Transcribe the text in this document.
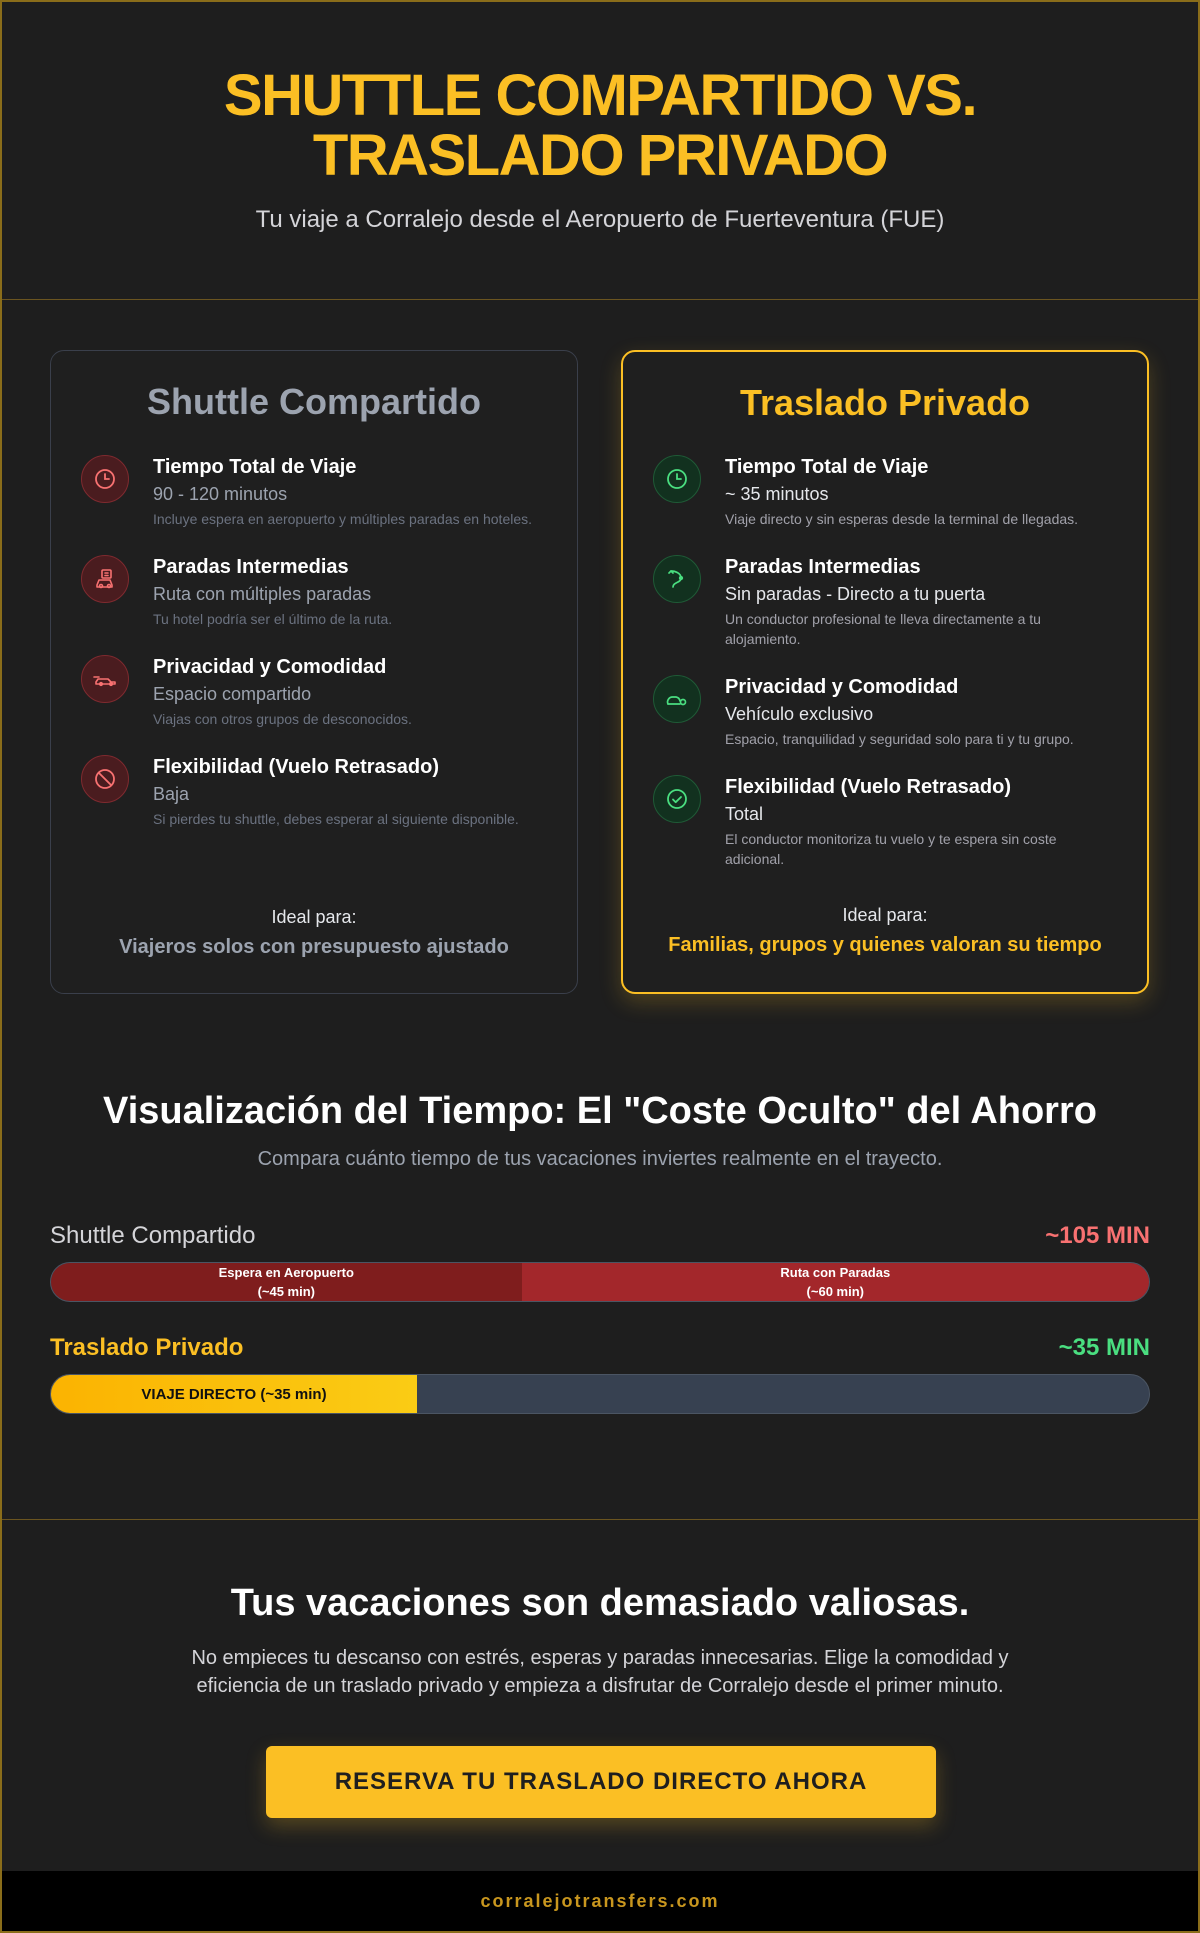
SHUTTLE COMPARTIDO VS.
TRASLADO PRIVADO
Tu viaje a Corralejo desde el Aeropuerto de Fuerteventura (FUE)
Shuttle Compartido
Tiempo Total de Viaje
90 - 120 minutos
Incluye espera en aeropuerto y múltiples paradas en hoteles.
Paradas Intermedias
Ruta con múltiples paradas
Tu hotel podría ser el último de la ruta.
Privacidad y Comodidad
Espacio compartido
Viajas con otros grupos de desconocidos.
Flexibilidad (Vuelo Retrasado)
Baja
Si pierdes tu shuttle, debes esperar al siguiente disponible.
Ideal para:
Viajeros solos con presupuesto ajustado
Traslado Privado
Tiempo Total de Viaje
~ 35 minutos
Viaje directo y sin esperas desde la terminal de llegadas.
Paradas Intermedias
Sin paradas - Directo a tu puerta
Un conductor profesional te lleva directamente a tu alojamiento.
Privacidad y Comodidad
Vehículo exclusivo
Espacio, tranquilidad y seguridad solo para ti y tu grupo.
Flexibilidad (Vuelo Retrasado)
Total
El conductor monitoriza tu vuelo y te espera sin coste adicional.
Ideal para:
Familias, grupos y quienes valoran su tiempo
Visualización del Tiempo: El "Coste Oculto" del Ahorro
Compara cuánto tiempo de tus vacaciones inviertes realmente en el trayecto.
Shuttle Compartido	~105 MIN
Espera en Aeropuerto
(~45 min)
Ruta con Paradas
(~60 min)
Traslado Privado	~35 MIN
VIAJE DIRECTO (~35 min)
Tus vacaciones son demasiado valiosas.
No empieces tu descanso con estrés, esperas y paradas innecesarias. Elige la comodidad y eficiencia de un traslado privado y empieza a disfrutar de Corralejo desde el primer minuto.
RESERVA TU TRASLADO DIRECTO AHORA
corralejotransfers.com
